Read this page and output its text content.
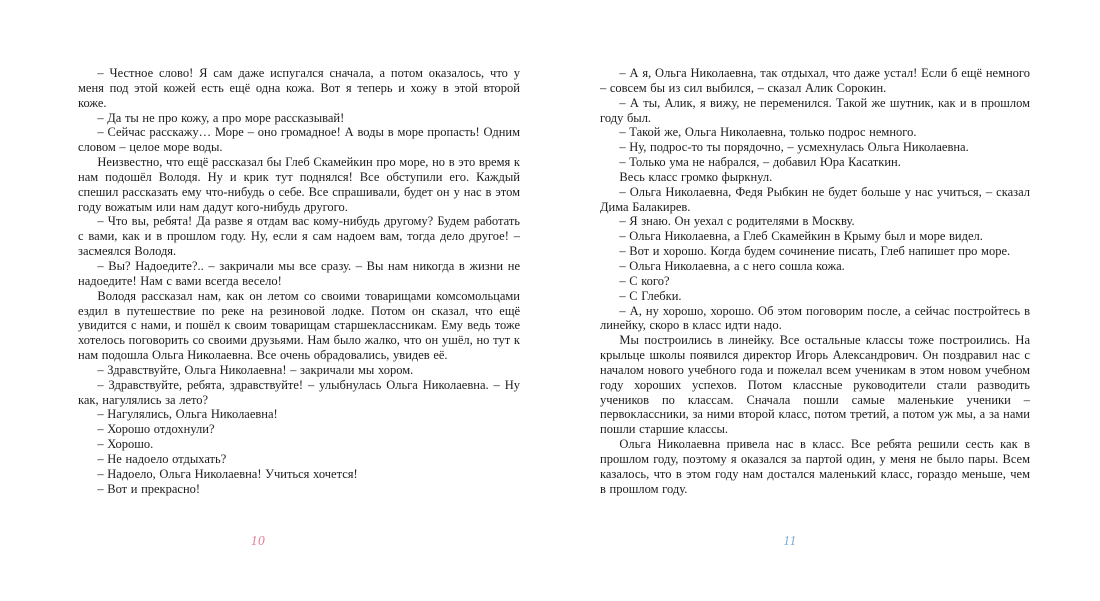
– Честное слово! Я сам даже испугался сначала, а потом оказалось, что у меня под этой кожей есть ещё одна кожа. Вот я теперь и хожу в этой второй коже.

– Да ты не про кожу, а про море рассказывай!

– Сейчас расскажу… Море – оно громадное! А воды в море пропасть! Одним словом – целое море воды.

Неизвестно, что ещё рассказал бы Глеб Скамейкин про море, но в это время к нам подошёл Володя. Ну и крик тут поднялся! Все обступили его. Каждый спешил рассказать ему что-нибудь о себе. Все спрашивали, будет он у нас в этом году вожатым или нам дадут кого-нибудь другого.

– Что вы, ребята! Да разве я отдам вас кому-нибудь другому? Будем работать с вами, как и в прошлом году. Ну, если я сам надоем вам, тогда дело другое! – засмеялся Володя.

– Вы? Надоедите?.. – закричали мы все сразу. – Вы нам никогда в жизни не надоедите! Нам с вами всегда весело!

Володя рассказал нам, как он летом со своими товарищами комсомольцами ездил в путешествие по реке на резиновой лодке. Потом он сказал, что ещё увидится с нами, и пошёл к своим товарищам старшеклассникам. Ему ведь тоже хотелось поговорить со своими друзьями. Нам было жалко, что он ушёл, но тут к нам подошла Ольга Николаевна. Все очень обрадовались, увидев её.

– Здравствуйте, Ольга Николаевна! – закричали мы хором.

– Здравствуйте, ребята, здравствуйте! – улыбнулась Ольга Николаевна. – Ну как, нагулялись за лето?

– Нагулялись, Ольга Николаевна!

– Хорошо отдохнули?

– Хорошо.

– Не надоело отдыхать?

– Надоело, Ольга Николаевна! Учиться хочется!

– Вот и прекрасно!

10

– А я, Ольга Николаевна, так отдыхал, что даже устал! Если б ещё немного – совсем бы из сил выбился, – сказал Алик Сорокин.

– А ты, Алик, я вижу, не переменился. Такой же шутник, как и в прошлом году был.

– Такой же, Ольга Николаевна, только подрос немного.

– Ну, подрос-то ты порядочно, – усмехнулась Ольга Николаевна.

– Только ума не набрался, – добавил Юра Касаткин.

Весь класс громко фыркнул.

– Ольга Николаевна, Федя Рыбкин не будет больше у нас учиться, – сказал Дима Балакирев.

– Я знаю. Он уехал с родителями в Москву.

– Ольга Николаевна, а Глеб Скамейкин в Крыму был и море видел.

– Вот и хорошо. Когда будем сочинение писать, Глеб напишет про море.

– Ольга Николаевна, а с него сошла кожа.

– С кого?

– С Глебки.

– А, ну хорошо, хорошо. Об этом поговорим после, а сейчас постройтесь в линейку, скоро в класс идти надо.

Мы построились в линейку. Все остальные классы тоже построились. На крыльце школы появился директор Игорь Александрович. Он поздравил нас с началом нового учебного года и пожелал всем ученикам в этом новом учебном году хороших успехов. Потом классные руководители стали разводить учеников по классам. Сначала пошли самые маленькие ученики – первоклассники, за ними второй класс, потом третий, а потом уж мы, а за нами пошли старшие классы.

Ольга Николаевна привела нас в класс. Все ребята решили сесть как в прошлом году, поэтому я оказался за партой один, у меня не было пары. Всем казалось, что в этом году нам достался маленький класс, гораздо меньше, чем в прошлом году.

11
